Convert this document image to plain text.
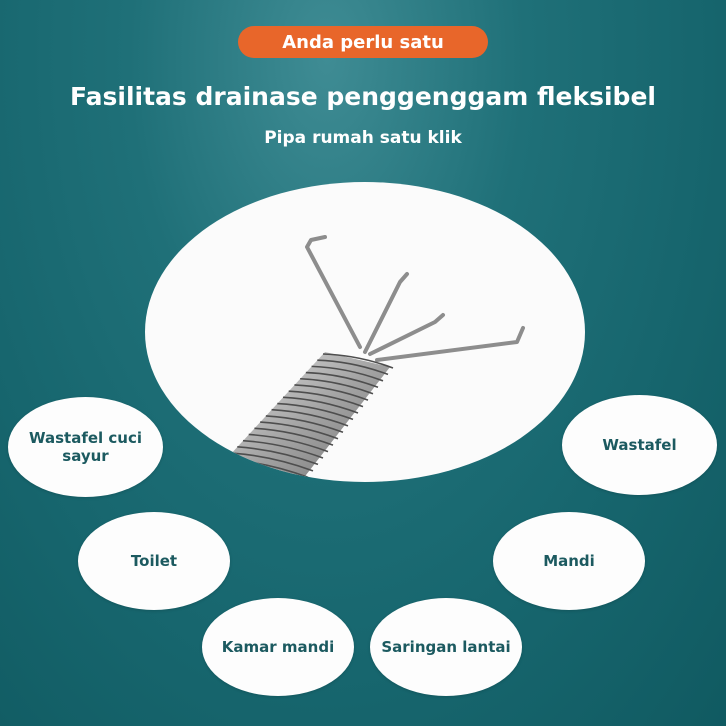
Anda perlu satu
Fasilitas drainase penggenggam fleksibel
Pipa rumah satu klik
Wastafel cuci
sayur
Wastafel
Toilet	Mandi
Kamar mandi	Saringan lantai
